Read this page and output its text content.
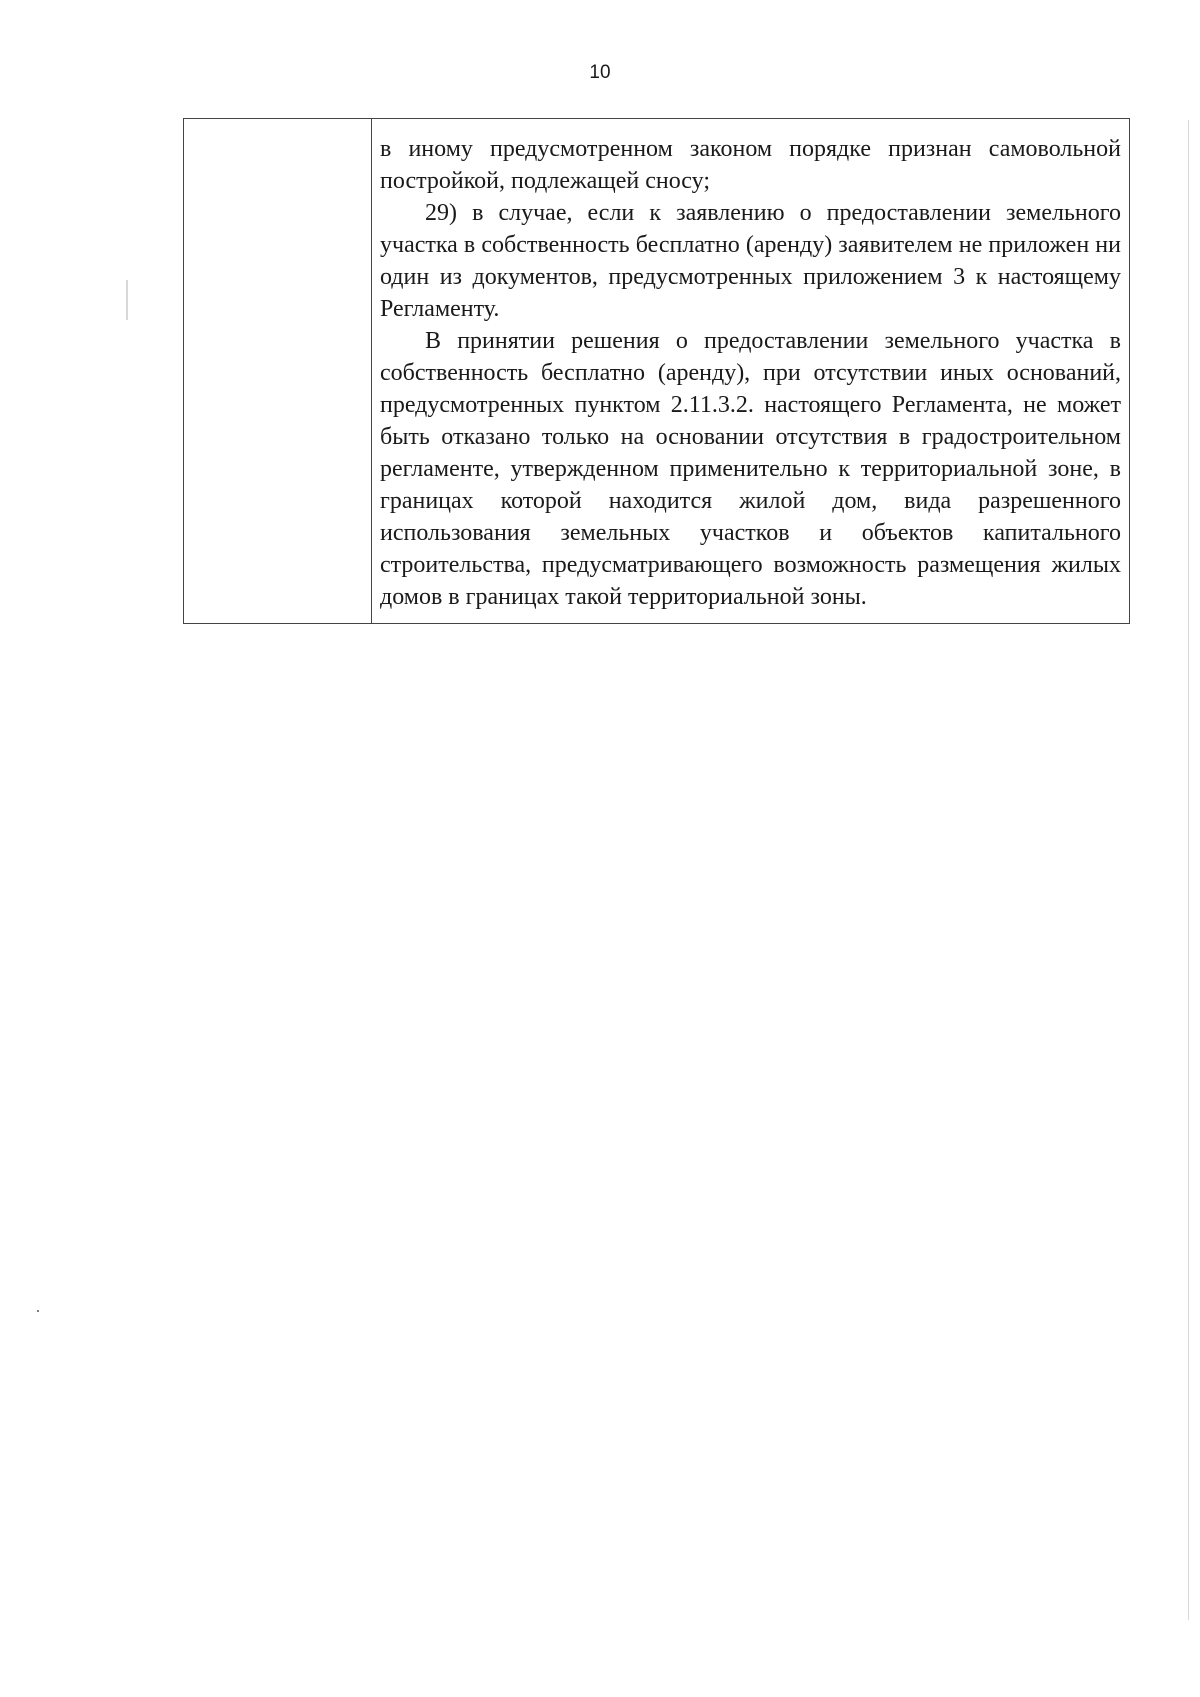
10

в иному предусмотренном законом порядке признан самовольной постройкой, подлежащей сносу;

29) в случае, если к заявлению о предоставлении земельного участка в собственность бесплатно (аренду) заявителем не приложен ни один из документов, предусмотренных приложением 3 к настоящему Регламенту.

В принятии решения о предоставлении земельного участка в собственность бесплатно (аренду), при отсутствии иных оснований, предусмотренных пунктом 2.11.3.2. настоящего Регламента, не может быть отказано только на основании отсутствия в градостроительном регламенте, утвержденном применительно к территориальной зоне, в границах которой находится жилой дом, вида разрешенного использования земельных участков и объектов капитального строительства, предусматривающего возможность размещения жилых домов в границах такой территориальной зоны.
